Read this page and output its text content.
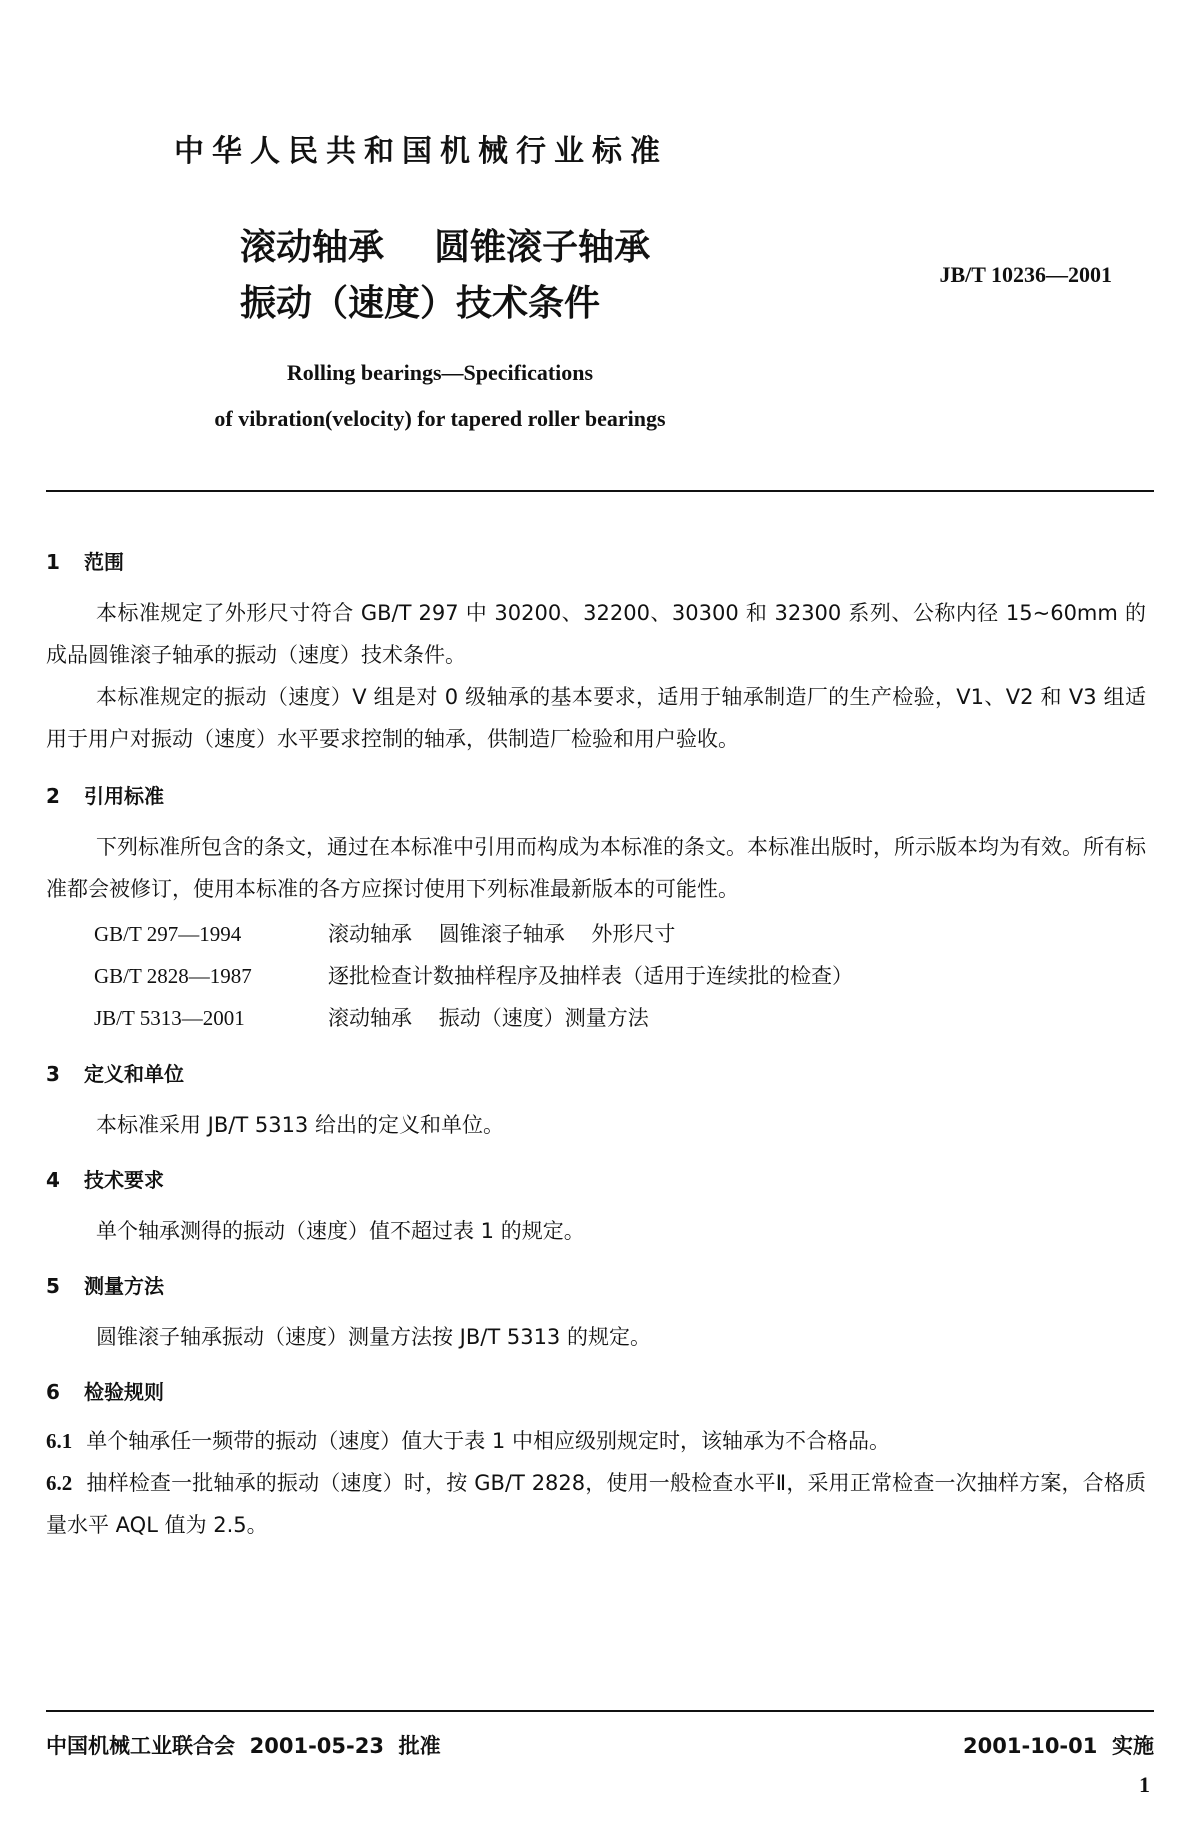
中华人民共和国机械行业标准
滚动轴承    圆锥滚子轴承
振动（速度）技术条件
JB/T 10236—2001
Rolling bearings—Specifications
of vibration(velocity) for tapered roller bearings
1 范围
本标准规定了外形尺寸符合 GB/T 297 中 30200、32200、30300 和 32300 系列、公称内径 15~60mm 的成品圆锥滚子轴承的振动（速度）技术条件。
本标准规定的振动（速度）V 组是对 0 级轴承的基本要求，适用于轴承制造厂的生产检验，V1、V2 和 V3 组适用于用户对振动（速度）水平要求控制的轴承，供制造厂检验和用户验收。
2 引用标准
下列标准所包含的条文，通过在本标准中引用而构成为本标准的条文。本标准出版时，所示版本均为有效。所有标准都会被修订，使用本标准的各方应探讨使用下列标准最新版本的可能性。
GB/T 297—1994	滚动轴承    圆锥滚子轴承    外形尺寸
GB/T 2828—1987	逐批检查计数抽样程序及抽样表（适用于连续批的检查）
JB/T 5313—2001	滚动轴承    振动（速度）测量方法
3 定义和单位
本标准采用 JB/T 5313 给出的定义和单位。
4 技术要求
单个轴承测得的振动（速度）值不超过表 1 的规定。
5 测量方法
圆锥滚子轴承振动（速度）测量方法按 JB/T 5313 的规定。
6 检验规则
6.1 单个轴承任一频带的振动（速度）值大于表 1 中相应级别规定时，该轴承为不合格品。
6.2 抽样检查一批轴承的振动（速度）时，按 GB/T 2828，使用一般检查水平Ⅱ，采用正常检查一次抽样方案，合格质量水平 AQL 值为 2.5。
中国机械工业联合会  2001-05-23  批准	2001-10-01  实施
1
